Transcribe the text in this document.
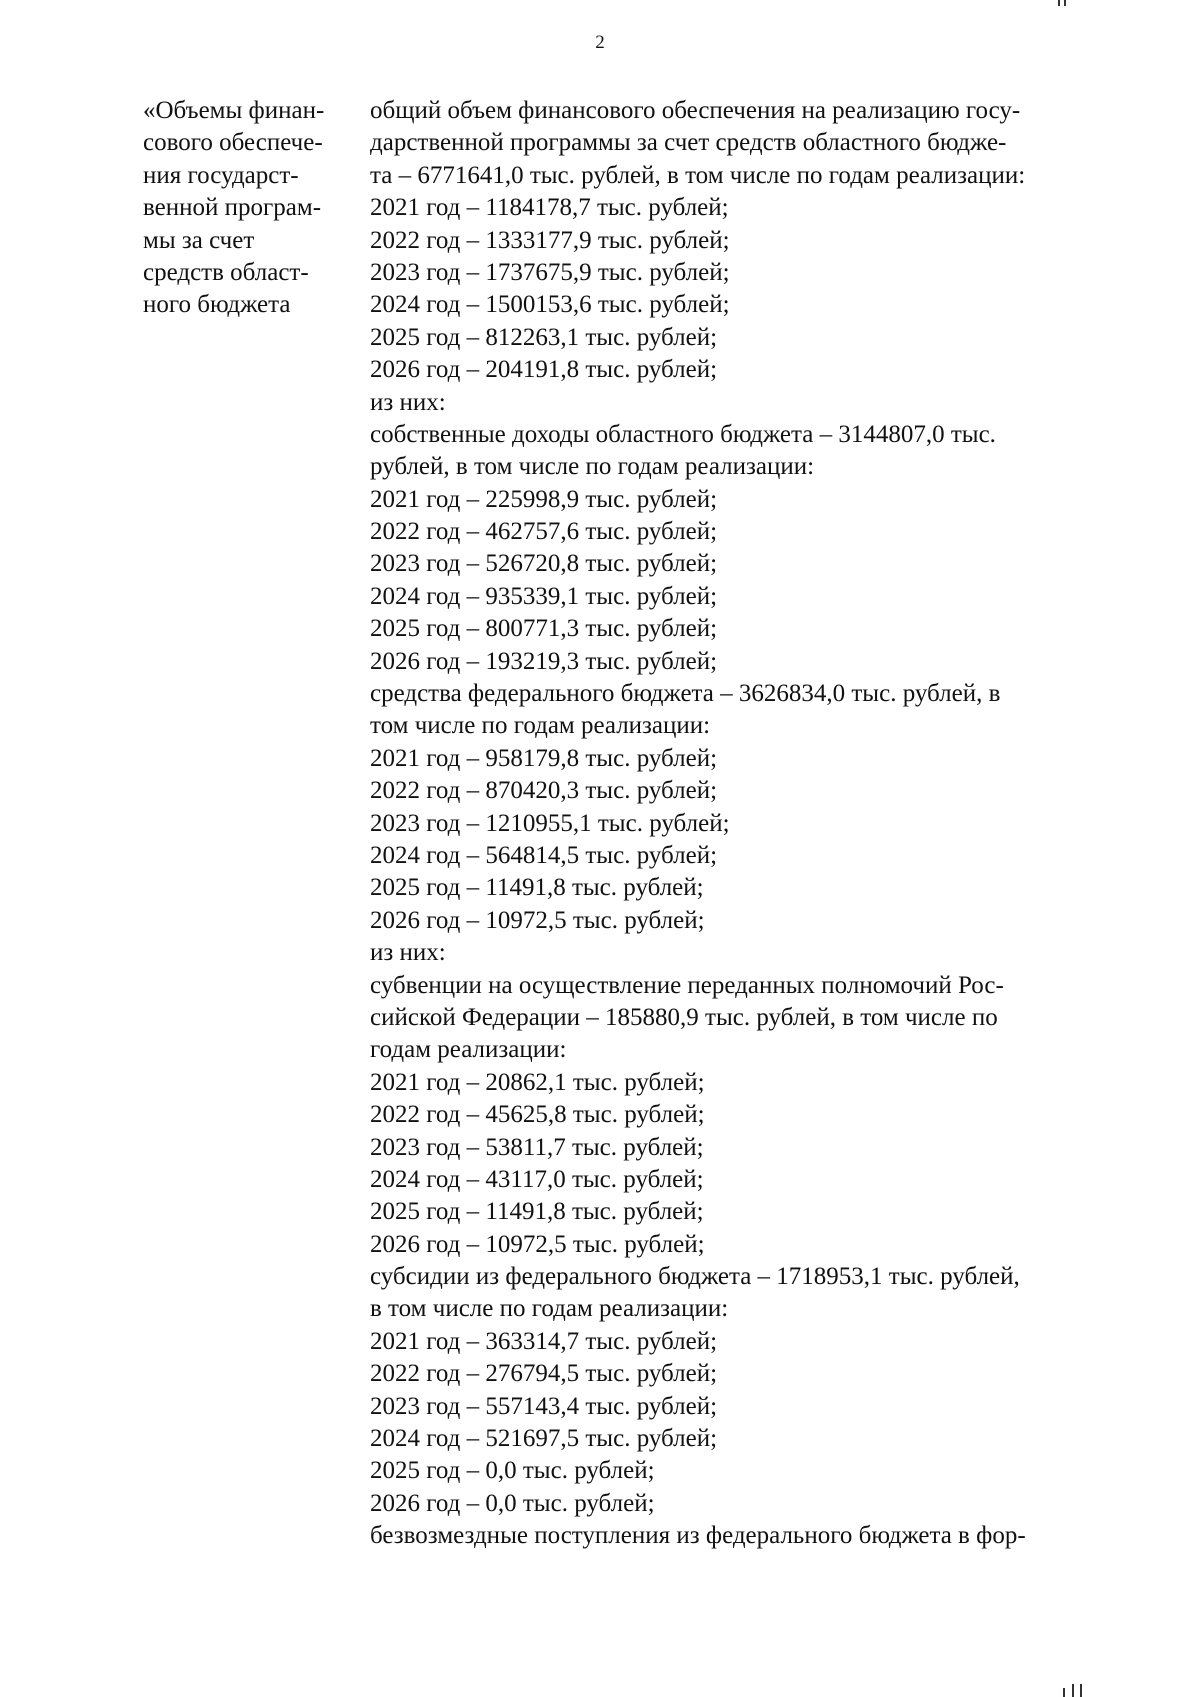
2
«Объемы финан-
сового обеспече-
ния государст-
венной програм-
мы за счет
средств област-
ного бюджета
общий объем финансового обеспечения на реализацию госу-
дарственной программы за счет средств областного бюдже-
та – 6771641,0 тыс. рублей, в том числе по годам реализации:
2021 год – 1184178,7 тыс. рублей;
2022 год – 1333177,9 тыс. рублей;
2023 год – 1737675,9 тыс. рублей;
2024 год – 1500153,6 тыс. рублей;
2025 год – 812263,1 тыс. рублей;
2026 год – 204191,8 тыс. рублей;
из них:
собственные доходы областного бюджета – 3144807,0 тыс.
рублей, в том числе по годам реализации:
2021 год – 225998,9 тыс. рублей;
2022 год – 462757,6 тыс. рублей;
2023 год – 526720,8 тыс. рублей;
2024 год – 935339,1 тыс. рублей;
2025 год – 800771,3 тыс. рублей;
2026 год – 193219,3 тыс. рублей;
средства федерального бюджета – 3626834,0 тыс. рублей, в
том числе по годам реализации:
2021 год – 958179,8 тыс. рублей;
2022 год – 870420,3 тыс. рублей;
2023 год – 1210955,1 тыс. рублей;
2024 год – 564814,5 тыс. рублей;
2025 год – 11491,8 тыс. рублей;
2026 год – 10972,5 тыс. рублей;
из них:
субвенции на осуществление переданных полномочий Рос-
сийской Федерации – 185880,9 тыс. рублей, в том числе по
годам реализации:
2021 год – 20862,1 тыс. рублей;
2022 год – 45625,8 тыс. рублей;
2023 год – 53811,7 тыс. рублей;
2024 год – 43117,0 тыс. рублей;
2025 год – 11491,8 тыс. рублей;
2026 год – 10972,5 тыс. рублей;
субсидии из федерального бюджета – 1718953,1 тыс. рублей,
в том числе по годам реализации:
2021 год – 363314,7 тыс. рублей;
2022 год – 276794,5 тыс. рублей;
2023 год – 557143,4 тыс. рублей;
2024 год – 521697,5 тыс. рублей;
2025 год – 0,0 тыс. рублей;
2026 год – 0,0 тыс. рублей;
безвозмездные поступления из федерального бюджета в фор-
